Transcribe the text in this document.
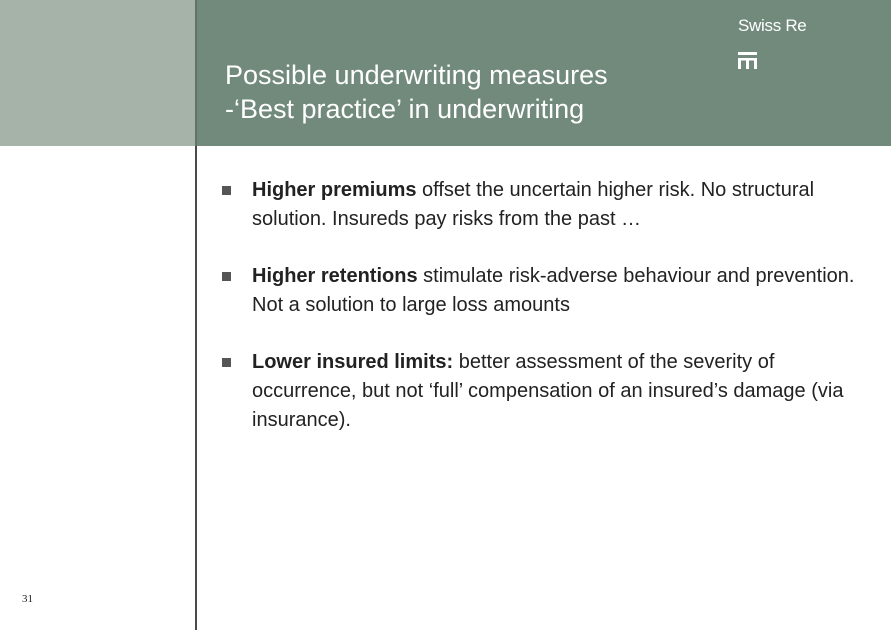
Possible underwriting measures
-‘Best practice’ in underwriting
Swiss Re
Higher premiums offset the uncertain higher risk. No structural solution. Insureds pay risks from the past …
Higher retentions stimulate risk-adverse behaviour and prevention. Not a solution to large loss amounts
Lower insured limits: better assessment of the severity of occurrence, but not ‘full’ compensation of an insured’s damage (via insurance).
31
